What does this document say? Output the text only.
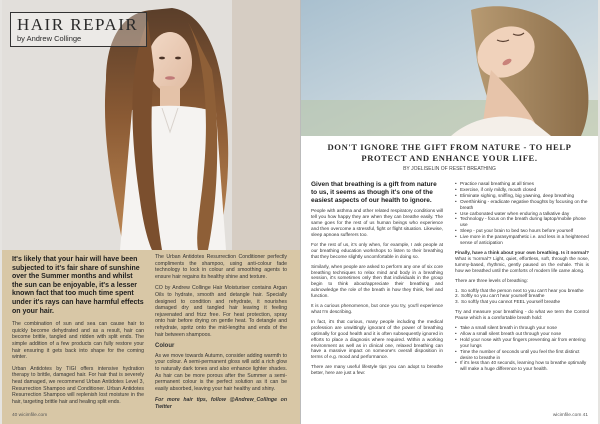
HAIR REPAIR
by Andrew Collinge

It's likely that your hair will have been subjected to it's fair share of sunshine over the Summer months and whilst the sun can be enjoyable, it's a lesser known fact that too much time spent under it's rays can have harmful effects on your hair.

The combination of sun and sea can cause hair to quickly become dehydrated and as a result, hair can become brittle, tangled and ridden with split ends. The simple addition of a few products can fully restore your hair ensuring it gets back into shape for the coming winter.

Urban Antidotes by TIGI offers intensive hydration therapy to brittle, damaged hair. For hair that is severely heat damaged, we recommend Urban Antidotes Level 3, Resurrection Shampoo and Conditioner. Urban Antidotes Resurrection Shampoo will replenish lost moisture in the hair, targeting brittle hair and healing split ends.

The Urban Antidotes Resurrection Conditioner perfectly compliments the shampoo, using anti-colour fade technology to lock in colour and smoothing agents to ensure hair regains its healthy shine and texture.

CO by Andrew Collinge Hair Moisturiser contains Argan Oils to hydrate, smooth and detangle hair. Specially designed to condition and rehydrate, it nourishes damaged dry and tangled hair leaving it feeling rejuvenated and frizz free. For heat protection, spray onto hair before drying on gentle heat. To detangle and rehydrate, spritz onto the mid-lengths and ends of the hair between shampoos.

Colour

As we move towards Autumn, consider adding warmth to your colour. A semi-permanent gloss will add a rich glow to naturally dark tones and also enhance lighter shades. As hair can be more porous after the Summer a semi-permanent colour is the perfect solution as it can be easily absorbed, leaving your hair healthy and shiny.

For more hair tips, follow @Andrew_Collinge on Twitter

40 wicimfile.com
DON'T IGNORE THE GIFT FROM NATURE - TO HELP PROTECT AND ENHANCE YOUR LIFE.
BY JOELISELIN OF RESET BREATHING

Given that breathing is a gift from nature to us, it seems as though it's one of the easiest aspects of our health to ignore.

People with asthma and other related respiratory conditions will tell you how happy they are when they can breathe easily. The same goes for the rest of us human beings who experience and then overcome a stressful, fight or flight situation. Likewise, sleep apnoea sufferers too.

For the rest of us, it's only when, for example, I ask people at our breathing education workshops to listen to their breathing that they become slightly uncomfortable in doing so.

Similarly, when people are asked to perform any one of six core breathing techniques to relax mind and body in a breathing session, it's sometimes only then that individuals in the group begin to think about/appreciate their breathing and acknowledge the role of the breath in how they think, feel and function.

It is a curious phenomenon, but once you try, you'll experience what I'm describing.

In fact, it's that curious, many people including the medical profession are unwittingly ignorant of the power of breathing optimally for good health and it is often subsequently ignored in efforts to place a diagnosis where required. Within a working environment as well as in clinical one, relaxed breathing can have a massive impact on someone's overall disposition in terms of e.g. mood and performance.

There are many useful lifestyle tips you can adopt to breathe better, here are just a few:

• Practice nasal breathing at all times
• Exercise, if only mildly, mouth closed
• Eliminate sighing, sniffing, big yawning, deep breathing
• Overthinking - eradicate negative thoughts by focusing on the breath
• Use carbonated water when enduring a talkative day
• Technology - focus on the breath during laptop/mobile phone use
• Sleep - put your brain to bed two hours before yourself
• Live more in the parasympathetic i.e. and less in a heightened sense of anticipation

Finally, have a think about your own breathing. Is it normal? What is 'normal'? Light, quiet, effortless, soft, through the nose, tummy-based, rhythmic, gently paused on the exhale. This is how we breathed until the comforts of modern life came along.

There are three levels of breathing:

1. So softly that the person next to you can't hear you breathe
2. Softly so you can't hear yourself breathe
3. So softly that you cannot FEEL yourself breathe

Try and measure your breathing - do what we term the Control Pause which is a comfortable breath hold:

• Take a small silent breath in through your nose
• Allow a small silent breath out through your nose
• Hold your nose with your fingers preventing air from entering your lungs
• Time the number of seconds until you feel the first distinct desire to breathe in
• If it's less than 40 seconds, learning how to breathe optimally will make a huge difference to your health.
wicimfile.com 41
